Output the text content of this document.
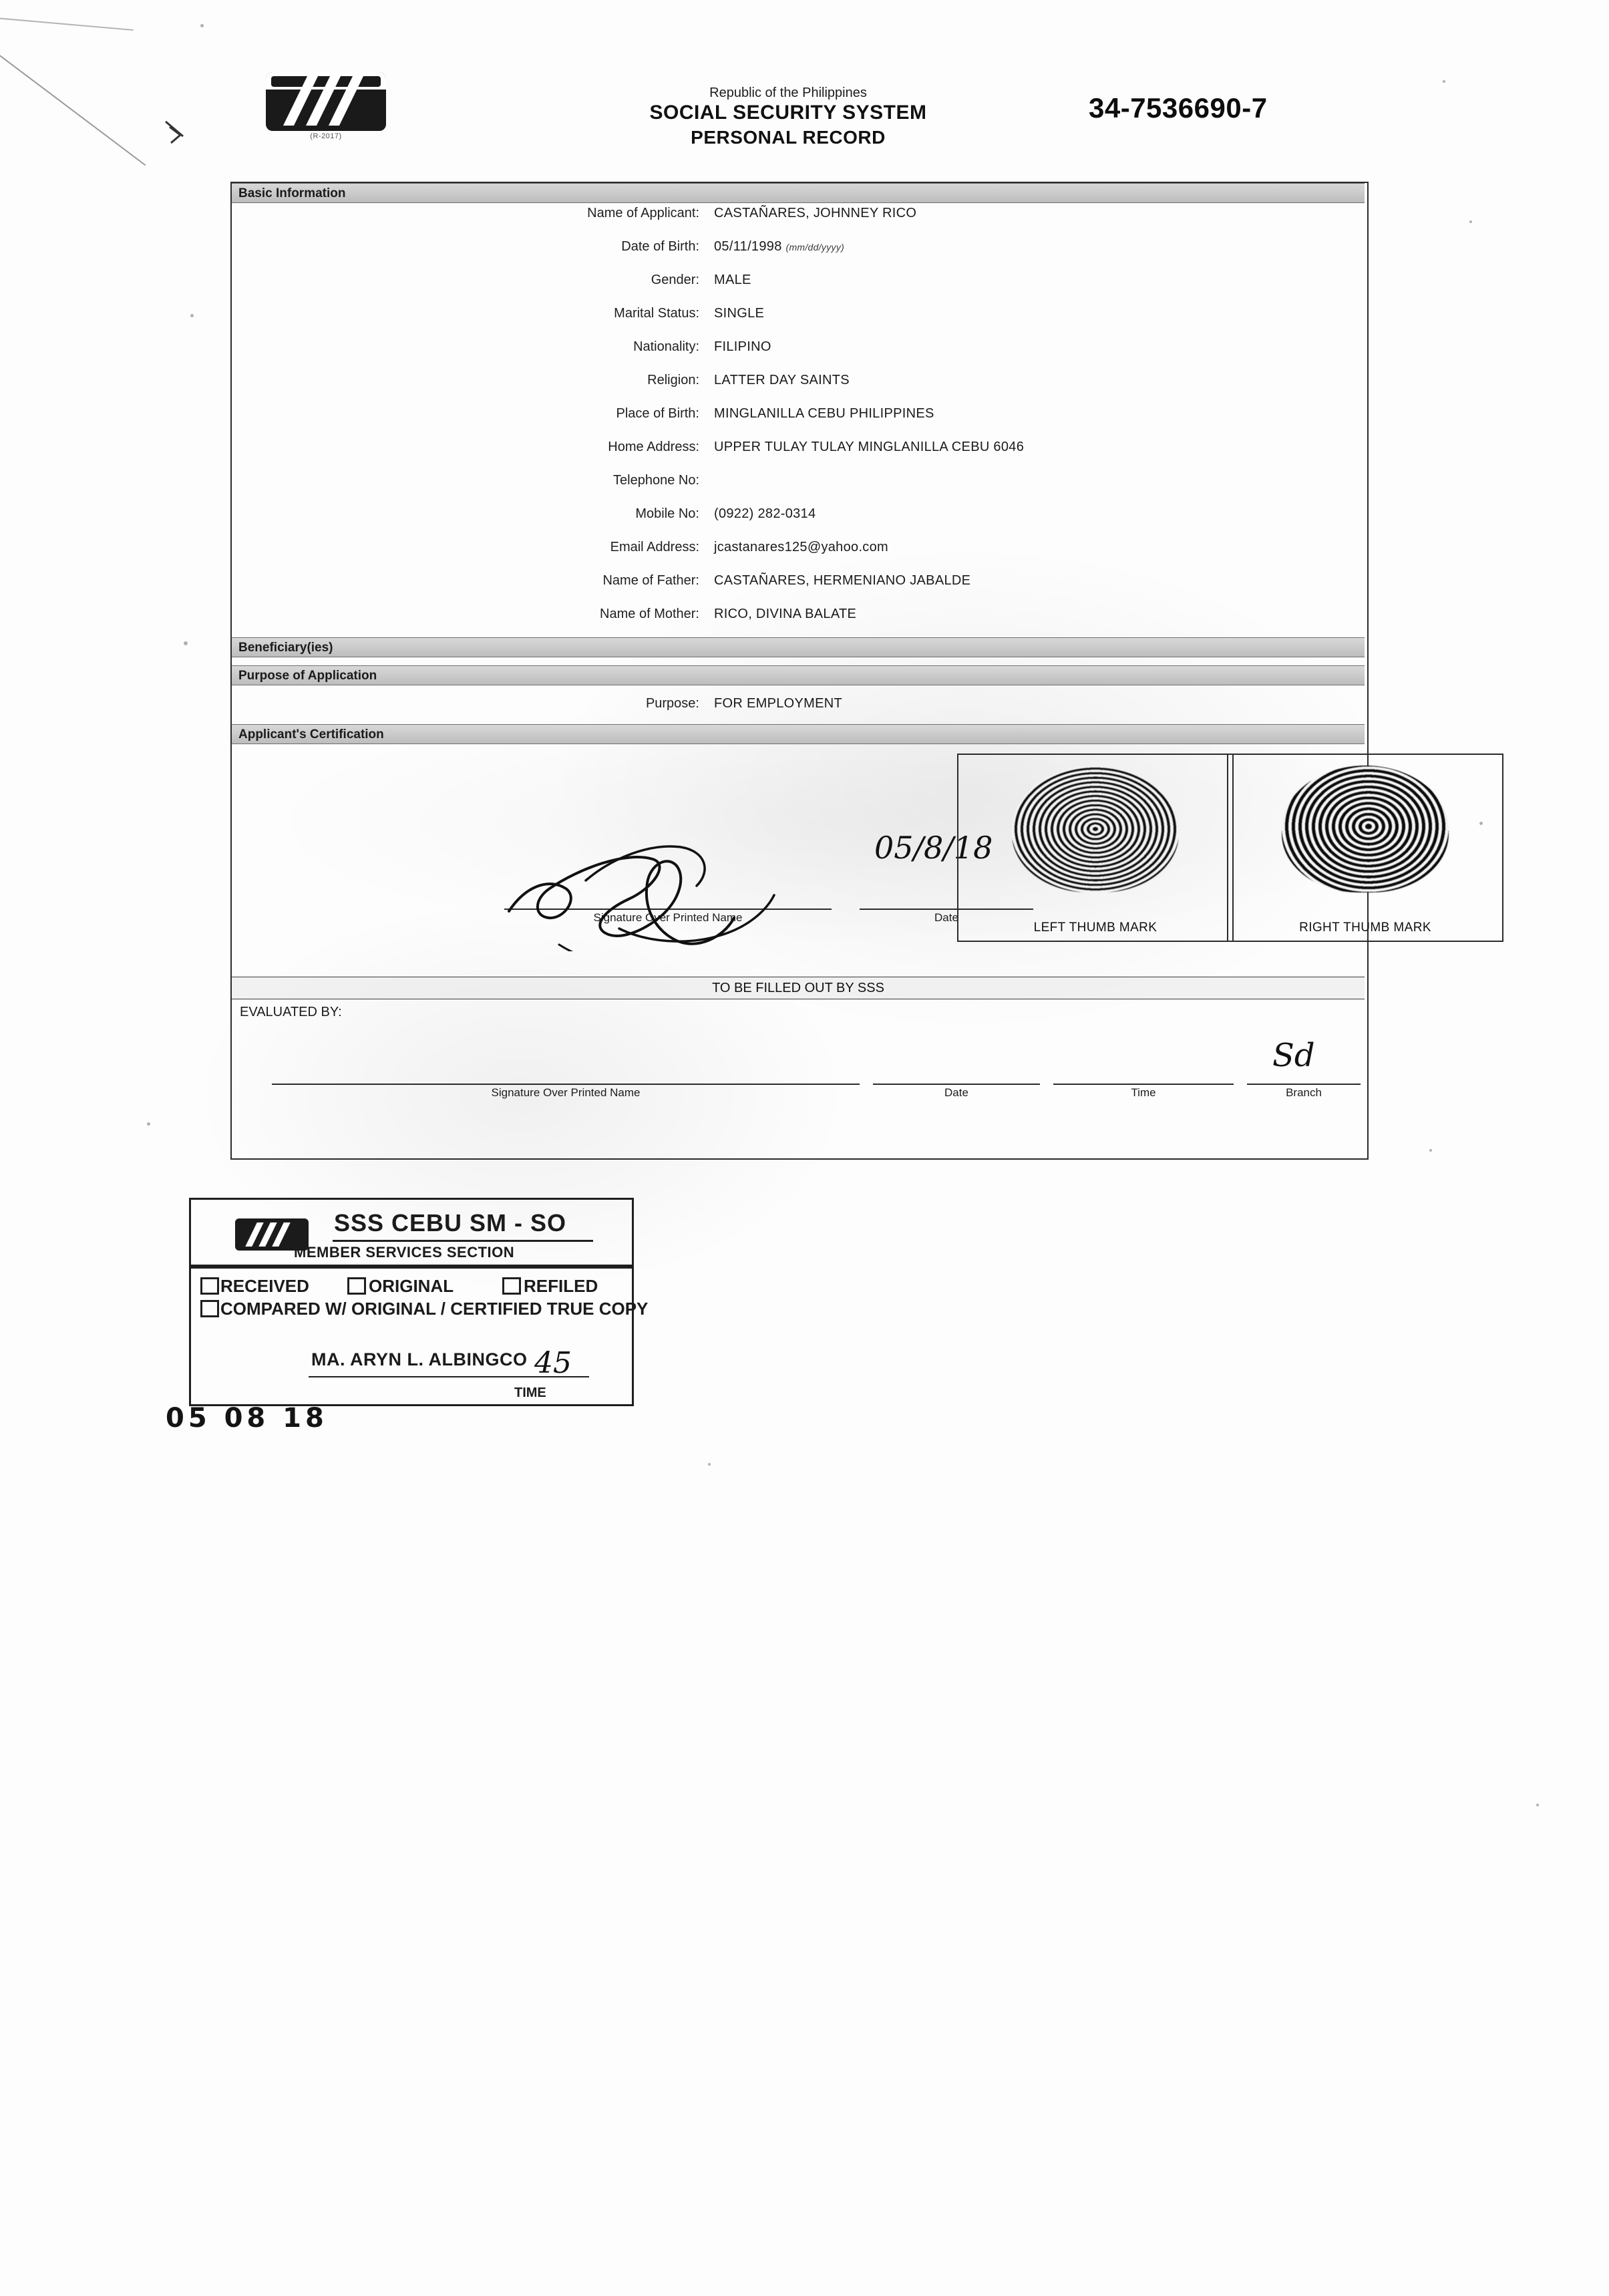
(R-2017)
Republic of the Philippines
SOCIAL SECURITY SYSTEM
PERSONAL RECORD
34-7536690-7
Basic Information
Name of Applicant: CASTAÑARES, JOHNNEY RICO
Date of Birth: 05/11/1998 (mm/dd/yyyy)
Gender: MALE
Marital Status: SINGLE
Nationality: FILIPINO
Religion: LATTER DAY SAINTS
Place of Birth: MINGLANILLA CEBU PHILIPPINES
Home Address: UPPER TULAY TULAY MINGLANILLA CEBU 6046
Telephone No:
Mobile No: (0922) 282-0314
Email Address: jcastanares125@yahoo.com
Name of Father: CASTAÑARES, HERMENIANO JABALDE
Name of Mother: RICO, DIVINA BALATE
Beneficiary(ies)
Purpose of Application
Purpose: FOR EMPLOYMENT
Applicant's Certification
Signature Over Printed Name	Date
05/8/18
LEFT THUMB MARK	RIGHT THUMB MARK
TO BE FILLED OUT BY SSS
EVALUATED BY:
Signature Over Printed Name	Date	Time	Branch
Sd
SSS CEBU SM - SO
MEMBER SERVICES SECTION
RECEIVED	ORIGINAL	REFILED
COMPARED W/ ORIGINAL / CERTIFIED TRUE COPY
MA. ARYN L. ALBINGCO
TIME
45
05 08 18
